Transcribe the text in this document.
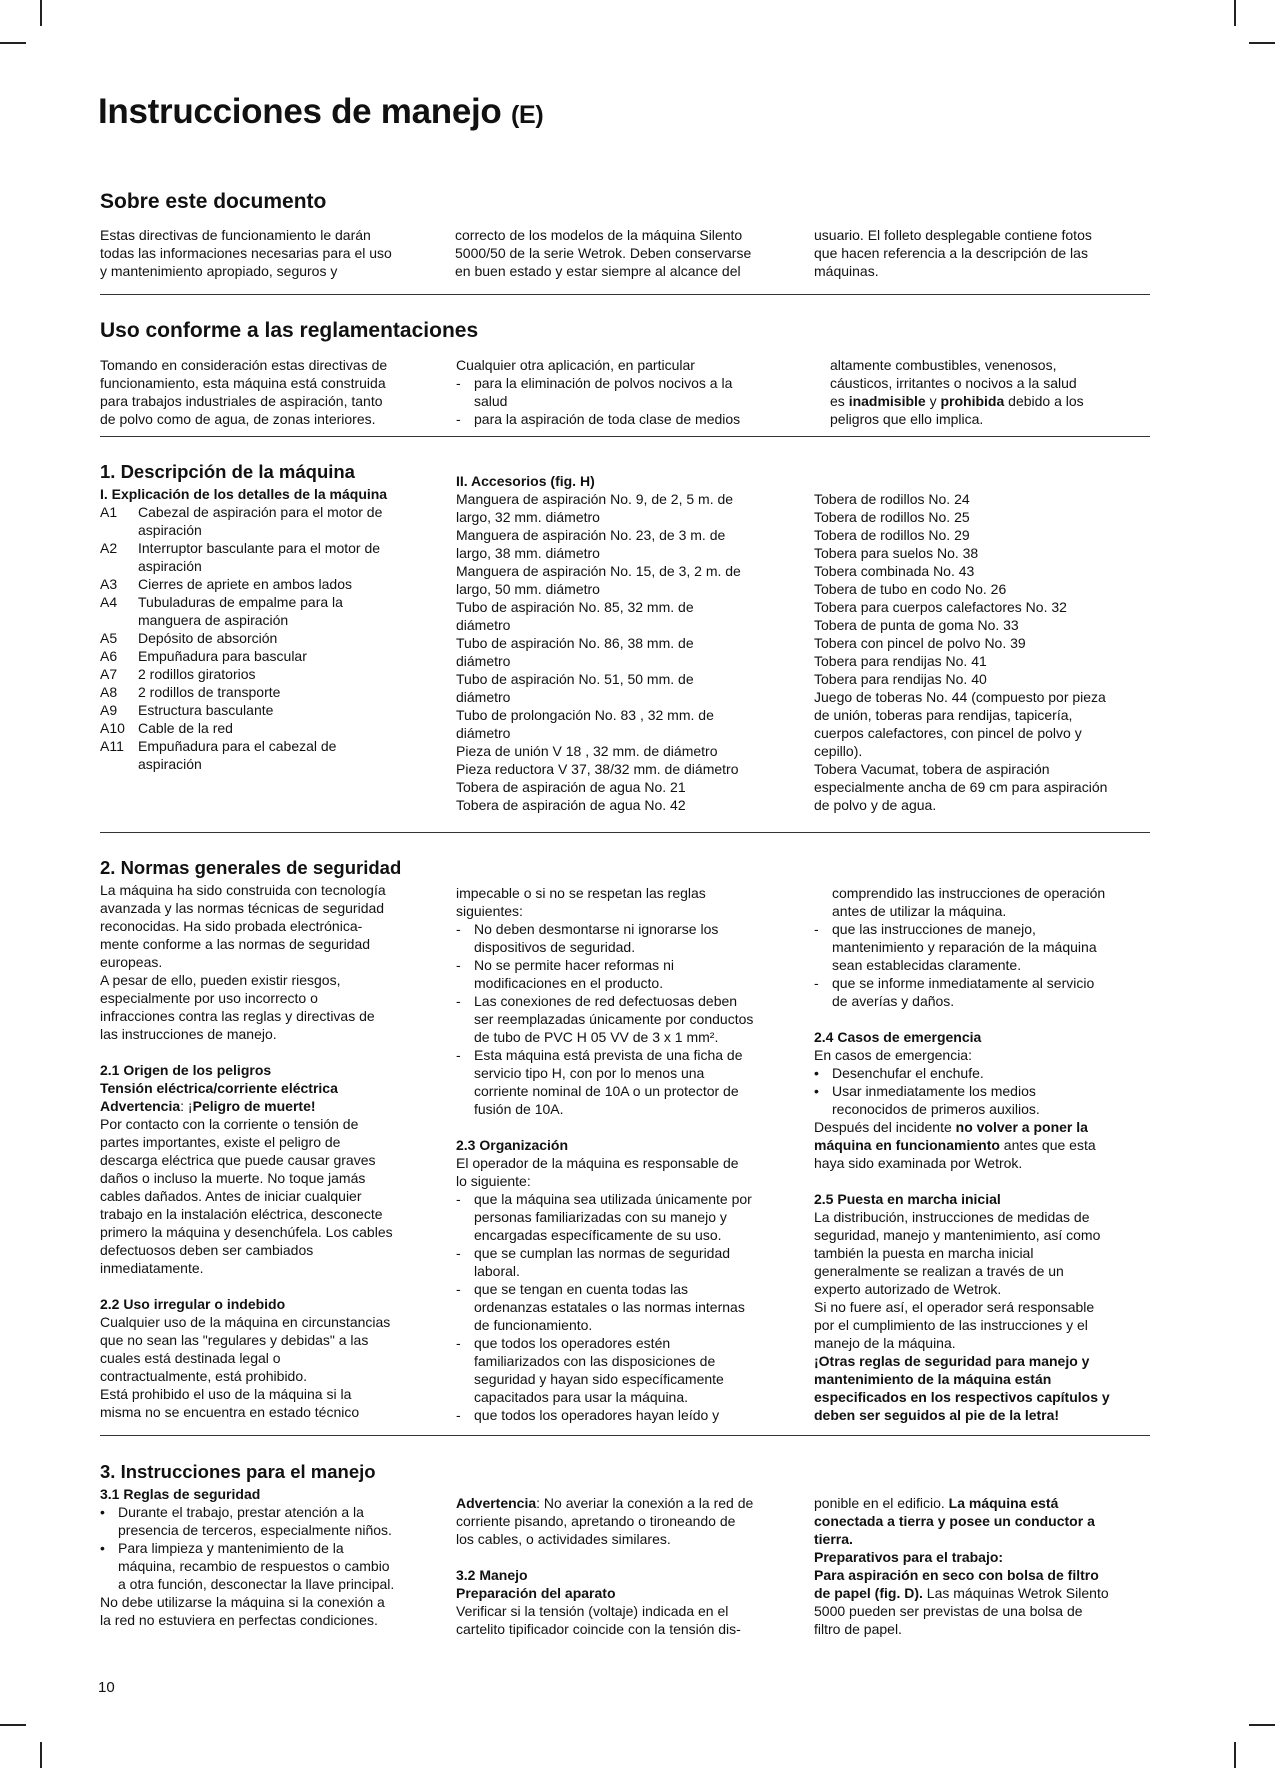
Instrucciones de manejo (E)
Sobre este documento

Estas directivas de funcionamiento le darán

todas las informaciones necesarias para el uso

y mantenimiento apropiado, seguros y

correcto de los modelos de la máquina Silento

5000/50 de la serie Wetrok. Deben conservarse

en buen estado y estar siempre al alcance del

usuario. El folleto desplegable contiene fotos

que hacen referencia a la descripción de las

máquinas.

Uso conforme a las reglamentaciones

Tomando en consideración estas directivas de

funcionamiento, esta máquina está construida

para trabajos industriales de aspiración, tanto

de polvo como de agua, de zonas interiores.

Cualquier otra aplicación, en particular

- para la eliminación de polvos nocivos a la

salud

- para la aspiración de toda clase de medios

altamente combustibles, venenosos,

cáusticos, irritantes o nocivos a la salud

es inadmisible y prohibida debido a los

peligros que ello implica.

1. Descripción de la máquina

I. Explicación de los detalles de la máquina

A1	Cabezal de aspiración para el motor de

aspiración

A2	Interruptor basculante para el motor de

aspiración

A3	Cierres de apriete en ambos lados

A4	Tubuladuras de empalme para la

manguera de aspiración

A5	Depósito de absorción

A6	Empuñadura para bascular

A7	2 rodillos giratorios

A8	2 rodillos de transporte

A9	Estructura basculante

A10 Cable de la red

A11	Empuñadura para el cabezal de

aspiración

II. Accesorios (fig. H)

Manguera de aspiración No. 9, de 2, 5 m. de

largo, 32 mm. diámetro

Manguera de aspiración No. 23, de 3 m. de

largo, 38 mm. diámetro

Manguera de aspiración No. 15, de 3, 2 m. de

largo, 50 mm. diámetro

Tubo de aspiración No. 85, 32 mm. de

diámetro

Tubo de aspiración No. 86, 38 mm. de

diámetro

Tubo de aspiración No. 51, 50 mm. de

diámetro

Tubo de prolongación No. 83 , 32 mm. de

diámetro

Pieza de unión V 18 , 32 mm. de diámetro

Pieza reductora V 37, 38/32 mm. de diámetro

Tobera de aspiración de agua No. 21

Tobera de aspiración de agua No. 42

Tobera de rodillos No. 24

Tobera de rodillos No. 25

Tobera de rodillos No. 29

Tobera para suelos No. 38

Tobera combinada No. 43

Tobera de tubo en codo No. 26

Tobera para cuerpos calefactores No. 32

Tobera de punta de goma No. 33

Tobera con pincel de polvo No. 39

Tobera para rendijas No. 41

Tobera para rendijas No. 40

Juego de toberas No. 44 (compuesto por pieza

de unión, toberas para rendijas, tapicería,

cuerpos calefactores, con pincel de polvo y

cepillo).

Tobera Vacumat, tobera de aspiración

especialmente ancha de 69 cm para aspiración

de polvo y de agua.

2. Normas generales de seguridad

La máquina ha sido construida con tecnología

avanzada y las normas técnicas de seguridad

reconocidas. Ha sido probada electrónica-

mente conforme a las normas de seguridad

europeas.

A pesar de ello, pueden existir riesgos,

especialmente por uso incorrecto o

infracciones contra las reglas y directivas de

las instrucciones de manejo.

2.1 Origen de los peligros

Tensión eléctrica/corriente eléctrica

Advertencia: ¡Peligro de muerte!

Por contacto con la corriente o tensión de

partes importantes, existe el peligro de

descarga eléctrica que puede causar graves

daños o incluso la muerte. No toque jamás

cables dañados. Antes de iniciar cualquier

trabajo en la instalación eléctrica, desconecte

primero la máquina y desenchúfela. Los cables

defectuosos deben ser cambiados

inmediatamente.

2.2 Uso irregular o indebido

Cualquier uso de la máquina en circunstancias

que no sean las "regulares y debidas" a las

cuales está destinada legal o

contractualmente, está prohibido.

Está prohibido el uso de la máquina si la

misma no se encuentra en estado técnico

impecable o si no se respetan las reglas

siguientes:

- No deben desmontarse ni ignorarse los

dispositivos de seguridad.

- No se permite hacer reformas ni

modificaciones en el producto.

- Las conexiones de red defectuosas deben

ser reemplazadas únicamente por conductos

de tubo de PVC H 05 VV de 3 x 1 mm².

- Esta máquina está prevista de una ficha de

servicio tipo H, con por lo menos una

corriente nominal de 10A o un protector de

fusión de 10A.

2.3 Organización

El operador de la máquina es responsable de

lo siguiente:

- que la máquina sea utilizada únicamente por

personas familiarizadas con su manejo y

encargadas específicamente de su uso.

- que se cumplan las normas de seguridad

laboral.

- que se tengan en cuenta todas las

ordenanzas estatales o las normas internas

de funcionamiento.

- que todos los operadores estén

familiarizados con las disposiciones de

seguridad y hayan sido específicamente

capacitados para usar la máquina.

- que todos los operadores hayan leído y

comprendido las instrucciones de operación

antes de utilizar la máquina.

- que las instrucciones de manejo,

mantenimiento y reparación de la máquina

sean establecidas claramente.

- que se informe inmediatamente al servicio

de averías y daños.

2.4 Casos de emergencia

En casos de emergencia:

• Desenchufar el enchufe.

• Usar inmediatamente los medios

reconocidos de primeros auxilios.

Después del incidente no volver a poner la

máquina en funcionamiento antes que esta

haya sido examinada por Wetrok.

2.5 Puesta en marcha inicial

La distribución, instrucciones de medidas de

seguridad, manejo y mantenimiento, así como

también la puesta en marcha inicial

generalmente se realizan a través de un

experto autorizado de Wetrok.

Si no fuere así, el operador será responsable

por el cumplimiento de las instrucciones y el

manejo de la máquina.

¡Otras reglas de seguridad para manejo y

mantenimiento de la máquina están

especificados en los respectivos capítulos y

deben ser seguidos al pie de la letra!

3. Instrucciones para el manejo

3.1 Reglas de seguridad

• Durante el trabajo, prestar atención a la

presencia de terceros, especialmente niños.

• Para limpieza y mantenimiento de la

máquina, recambio de respuestos o cambio

a otra función, desconectar la llave principal.

No debe utilizarse la máquina si la conexión a

la red no estuviera en perfectas condiciones.

Advertencia: No averiar la conexión a la red de

corriente pisando, apretando o tironeando de

los cables, o actividades similares.

3.2 Manejo

Preparación del aparato

Verificar si la tensión (voltaje) indicada en el

cartelito tipificador coincide con la tensión dis-

ponible en el edificio. La máquina está

conectada a tierra y posee un conductor a

tierra.

Preparativos para el trabajo:

Para aspiración en seco con bolsa de filtro

de papel (fig. D). Las máquinas Wetrok Silento

5000 pueden ser previstas de una bolsa de

filtro de papel.

10
